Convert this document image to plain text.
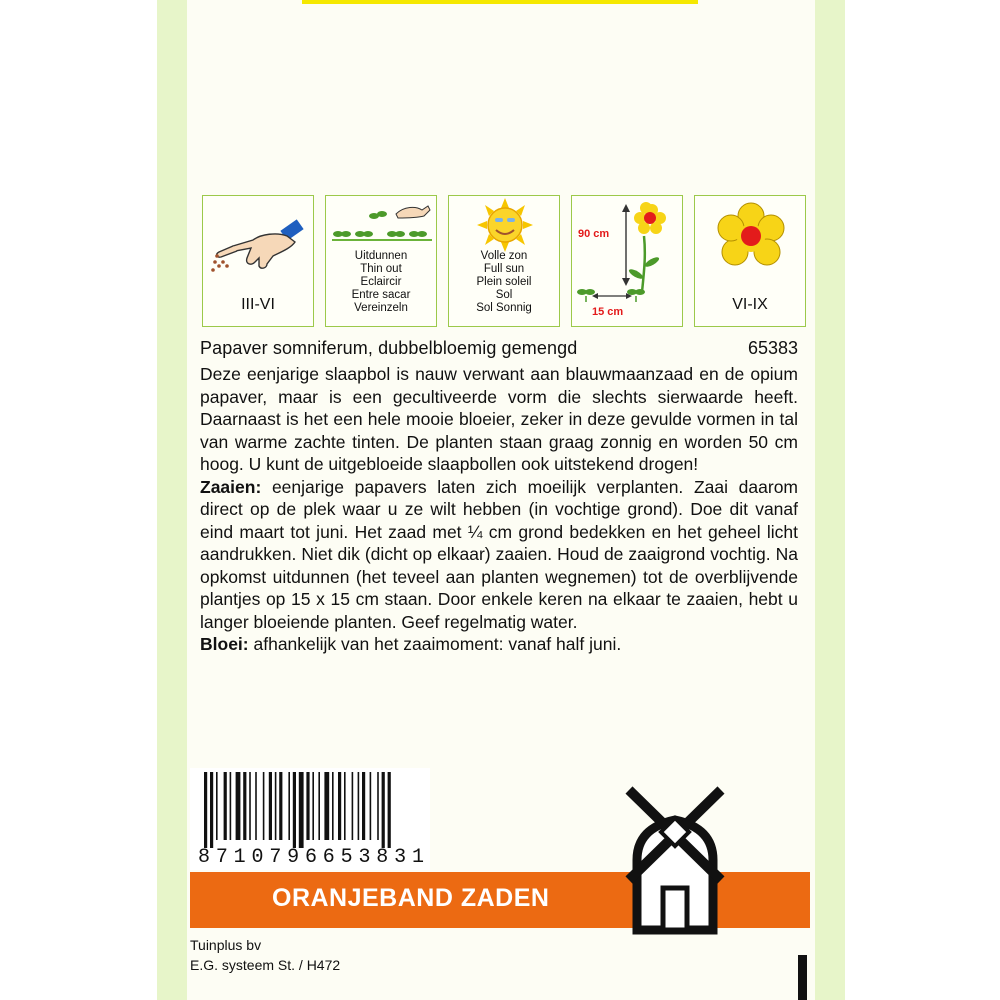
III-VI
Uitdunnen
Thin out
Eclaircir
Entre sacar
Vereinzeln
Volle zon
Full sun
Plein soleil
Sol
Sol Sonnig
90 cm
15 cm	VI-IX
Papaver somniferum, dubbelbloemig gemengd	65383

Deze eenjarige slaapbol is nauw verwant aan blauwmaanzaad en de opium papaver, maar is een gecultiveerde vorm die slechts sierwaarde heeft. Daarnaast is het een hele mooie bloeier, zeker in deze gevulde vormen in tal van warme zachte tinten. De planten staan graag zonnig en worden 50 cm hoog. U kunt de uitgebloeide slaapbollen ook uitstekend drogen!

Zaaien: eenjarige papavers laten zich moeilijk verplanten. Zaai daarom direct op de plek waar u ze wilt hebben (in vochtige grond). Doe dit vanaf eind maart tot juni. Het zaad met ¼ cm grond bedekken en het geheel licht aandrukken. Niet dik (dicht op elkaar) zaaien. Houd de zaaigrond vochtig. Na opkomst uitdunnen (het teveel aan planten wegnemen) tot de overblijvende plantjes op 15 x 15 cm staan. Door enkele keren na elkaar te zaaien, hebt u langer bloeiende planten. Geef regelmatig water.

Bloei: afhankelijk van het zaaimoment: vanaf half juni.

8 7 1 0 7 9 6 6 5 3 8 3 1
ORANJEBAND ZADEN
Tuinplus bv
E.G. systeem St. / H472
